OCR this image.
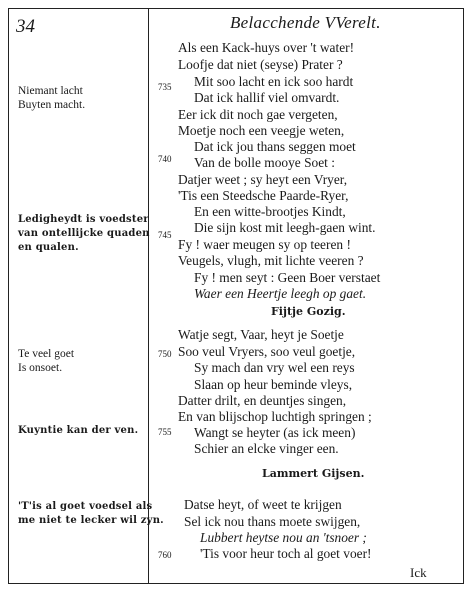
34	Belacchende VVerelt.
Niemant lacht
Buyten macht.
Ledigheydt is voedster
van ontellijcke quaden
en qualen.
Te veel goet
Is onsoet.
Kuyntie kan der ven.
'T'is al goet voedsel als
me niet te lecker wil zyn.
735
740
745
750
755
760
Als een Kack-huys over 't water!
Loofje dat niet (seyse) Prater ?
Mit soo lacht en ick soo hardt
Dat ick hallif viel omvardt.
Eer ick dit noch gae vergeten,
Moetje noch een veegje weten,
Dat ick jou thans seggen moet
Van de bolle mooye Soet :
Datjer weet ; sy heyt een Vryer,
'Tis een Steedsche Paarde-Ryer,
En een witte-brootjes Kindt,
Die sijn kost mit leegh-gaen wint.
Fy ! waer meugen sy op teeren !
Veugels, vlugh, mit lichte veeren ?
Fy ! men seyt : Geen Boer verstaet
Waer een Heertje leegh op gaet.
Fijtje Gozig.
Watje segt, Vaar, heyt je Soetje
Soo veul Vryers, soo veul goetje,
Sy mach dan vry wel een reys
Slaan op heur beminde vleys,
Datter drilt, en deuntjes singen,
En van blijschop luchtigh springen ;
Wangt se heyter (as ick meen)
Schier an elcke vinger een.
Lammert Gijsen.
Datse heyt, of weet te krijgen
Sel ick nou thans moete swijgen,
Lubbert heytse nou an 'tsnoer ;
'Tis voor heur toch al goet voer!
Ick
